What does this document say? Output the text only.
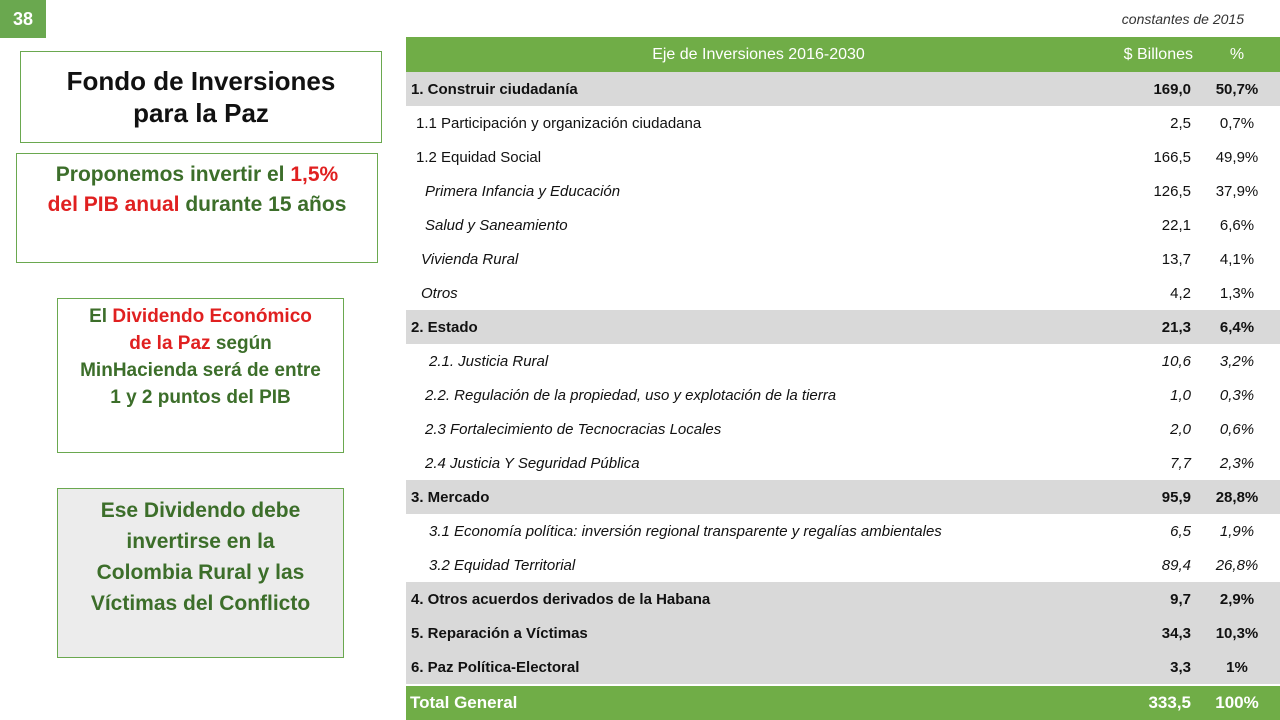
38	constantes de 2015
Fondo de Inversiones
para la Paz
Proponemos invertir el 1,5%
del PIB anual durante 15 años
El Dividendo Económico de la Paz según MinHacienda será de entre 1 y 2 puntos del PIB
Ese Dividendo debe
invertirse en la
Colombia Rural y las
Víctimas del Conflicto
Eje de Inversiones 2016-2030	$ Billones	%
1. Construir ciudadanía	169,0	50,7%
1.1 Participación y organización ciudadana	2,5	0,7%
1.2 Equidad Social	166,5	49,9%
Primera Infancia y Educación	126,5	37,9%
Salud y Saneamiento	22,1	6,6%
Vivienda Rural	13,7	4,1%
Otros	4,2	1,3%
2. Estado	21,3	6,4%
2.1. Justicia Rural	10,6	3,2%
2.2. Regulación de la propiedad, uso y explotación de la tierra	1,0	0,3%
2.3 Fortalecimiento de Tecnocracias Locales	2,0	0,6%
2.4 Justicia Y Seguridad Pública	7,7	2,3%
3. Mercado	95,9	28,8%
3.1 Economía política: inversión regional transparente y regalías ambientales	6,5	1,9%
3.2 Equidad Territorial	89,4	26,8%
4. Otros acuerdos derivados de la Habana	9,7	2,9%
5. Reparación a Víctimas	34,3	10,3%
6. Paz Política-Electoral	3,3	1%
Total General	333,5	100%
